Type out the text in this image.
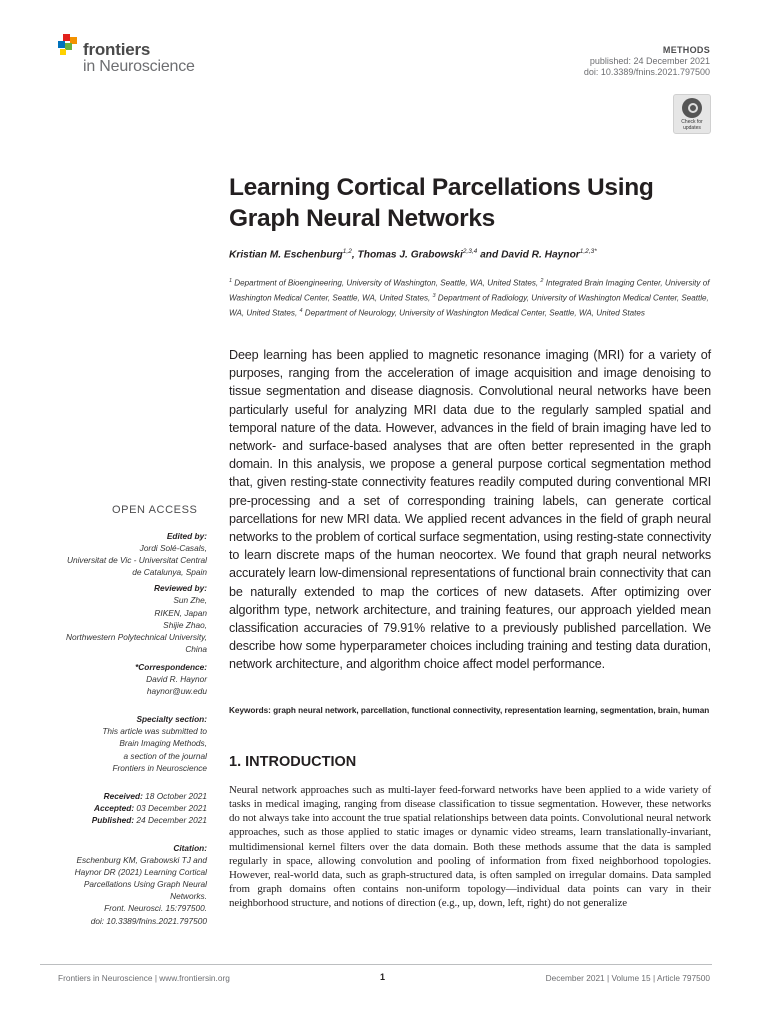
frontiers
in Neuroscience
METHODS
published: 24 December 2021
doi: 10.3389/fnins.2021.797500
Check for
updates
Learning Cortical Parcellations Using
Graph Neural Networks
Kristian M. Eschenburg$^{1,2}$, Thomas J. Grabowski$^{2,3,4}$ and David R. Haynor$^{1,2,3*}$
$^1$ Department of Bioengineering, University of Washington, Seattle, WA, United States, $^2$ Integrated Brain Imaging Center, University of Washington Medical Center, Seattle, WA, United States, $^3$ Department of Radiology, University of Washington Medical Center, Seattle, WA, United States, $^4$ Department of Neurology, University of Washington Medical Center, Seattle, WA, United States
Deep learning has been applied to magnetic resonance imaging (MRI) for a variety of purposes, ranging from the acceleration of image acquisition and image denoising to tissue segmentation and disease diagnosis. Convolutional neural networks have been particularly useful for analyzing MRI data due to the regularly sampled spatial and temporal nature of the data. However, advances in the field of brain imaging have led to network- and surface-based analyses that are often better represented in the graph domain. In this analysis, we propose a general purpose cortical segmentation method that, given resting-state connectivity features readily computed during conventional MRI pre-processing and a set of corresponding training labels, can generate cortical parcellations for new MRI data. We applied recent advances in the field of graph neural networks to the problem of cortical surface segmentation, using resting-state connectivity to learn discrete maps of the human neocortex. We found that graph neural networks accurately learn low-dimensional representations of functional brain connectivity that can be naturally extended to map the cortices of new datasets. After optimizing over algorithm type, network architecture, and training features, our approach yielded mean classification accuracies of 79.91% relative to a previously published parcellation. We describe how some hyperparameter choices including training and testing data duration, network architecture, and algorithm choice affect model performance.
Keywords: graph neural network, parcellation, functional connectivity, representation learning, segmentation, brain, human
1. INTRODUCTION
Neural network approaches such as multi-layer feed-forward networks have been applied to a wide variety of tasks in medical imaging, ranging from disease classification to tissue segmentation. However, these networks do not always take into account the true spatial relationships between data points. Convolutional neural network approaches, such as those applied to static images or dynamic video streams, learn translationally-invariant, multidimensional kernel filters over the data domain. Both these methods assume that the data is sampled regularly in space, allowing convolution and pooling of information from fixed neighborhood topologies. However, real-world data, such as graph-structured data, is often sampled on irregular domains. Data sampled from graph domains often contains non-uniform topology—individual data points can vary in their neighborhood structure, and notions of direction (e.g., up, down, left, right) do not generalize
OPEN ACCESS
Edited by:
Jordi Solé-Casals,
Universitat de Vic - Universitat Central
de Catalunya, Spain
Reviewed by:
Sun Zhe,
RIKEN, Japan
Shijie Zhao,
Northwestern Polytechnical University,
China
*Correspondence:
David R. Haynor
haynor@uw.edu
Specialty section:
This article was submitted to
Brain Imaging Methods,
a section of the journal
Frontiers in Neuroscience
Received: 18 October 2021
Accepted: 03 December 2021
Published: 24 December 2021
Citation:
Eschenburg KM, Grabowski TJ and
Haynor DR (2021) Learning Cortical
Parcellations Using Graph Neural
Networks.
Front. Neurosci. 15:797500.
doi: 10.3389/fnins.2021.797500
Frontiers in Neuroscience | www.frontiersin.org	1	December 2021 | Volume 15 | Article 797500
